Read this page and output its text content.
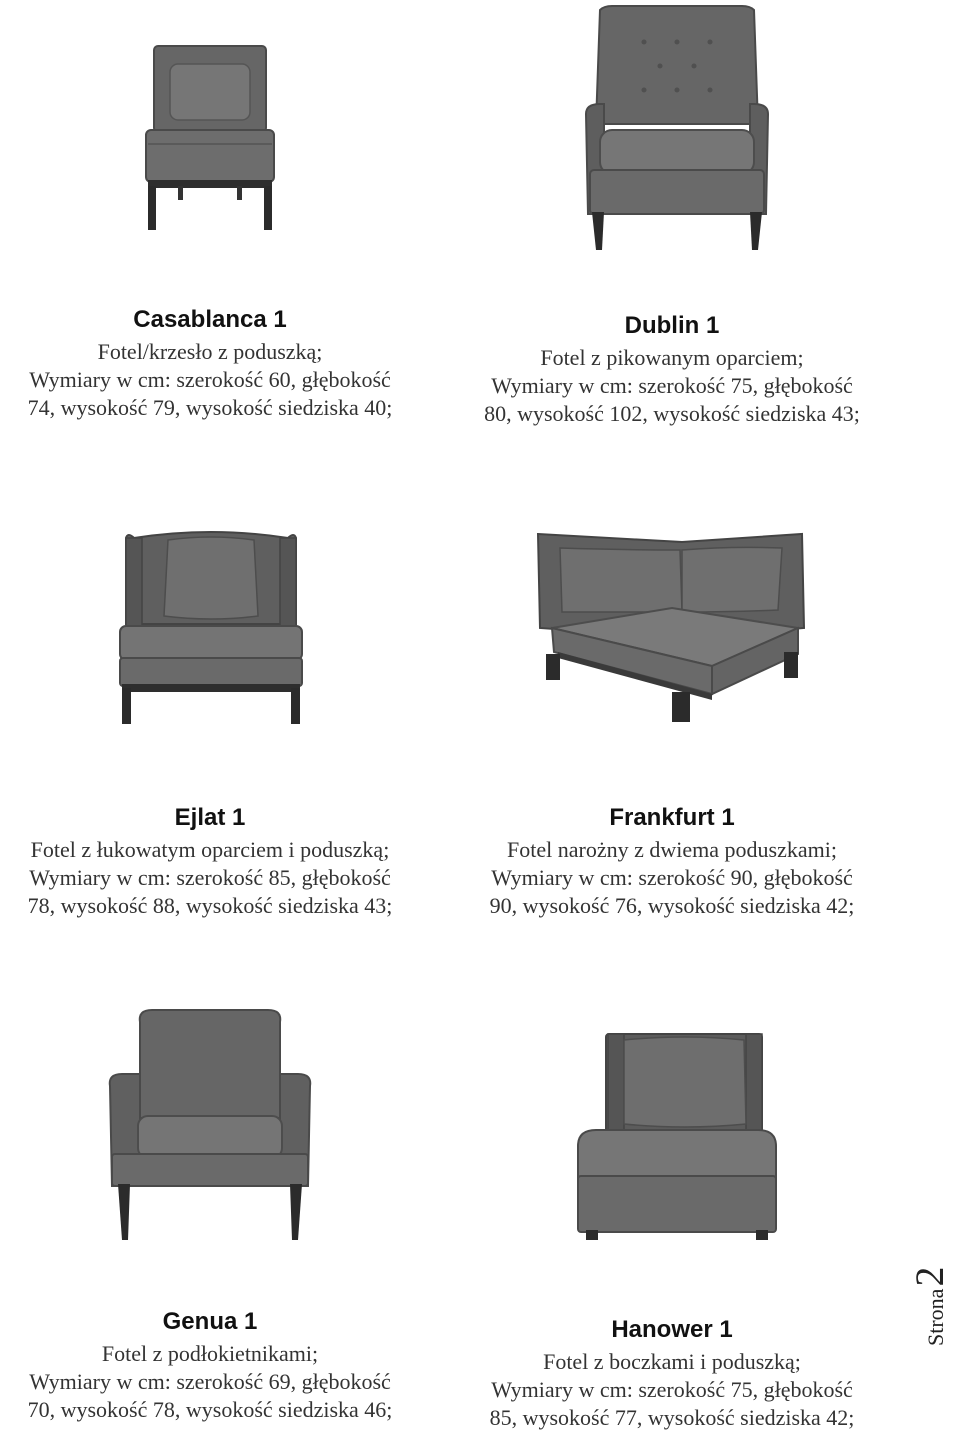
Casablanca 1
Fotel/krzesło z poduszką;
Wymiary w cm: szerokość 60, głębokość
74, wysokość 79, wysokość siedziska 40;
Dublin 1
Fotel z pikowanym oparciem;
Wymiary w cm: szerokość 75, głębokość
80, wysokość 102, wysokość siedziska 43;
Ejlat 1
Fotel z łukowatym oparciem i poduszką;
Wymiary w cm: szerokość 85, głębokość
78, wysokość 88, wysokość siedziska 43;
Frankfurt 1
Fotel narożny z dwiema poduszkami;
Wymiary w cm: szerokość 90, głębokość
90, wysokość 76, wysokość siedziska 42;
Genua 1
Fotel z podłokietnikami;
Wymiary w cm: szerokość 69, głębokość
70, wysokość 78, wysokość siedziska 46;
Hanower 1
Fotel z boczkami i poduszką;
Wymiary w cm: szerokość 75, głębokość
85, wysokość 77, wysokość siedziska 42;
Strona2
